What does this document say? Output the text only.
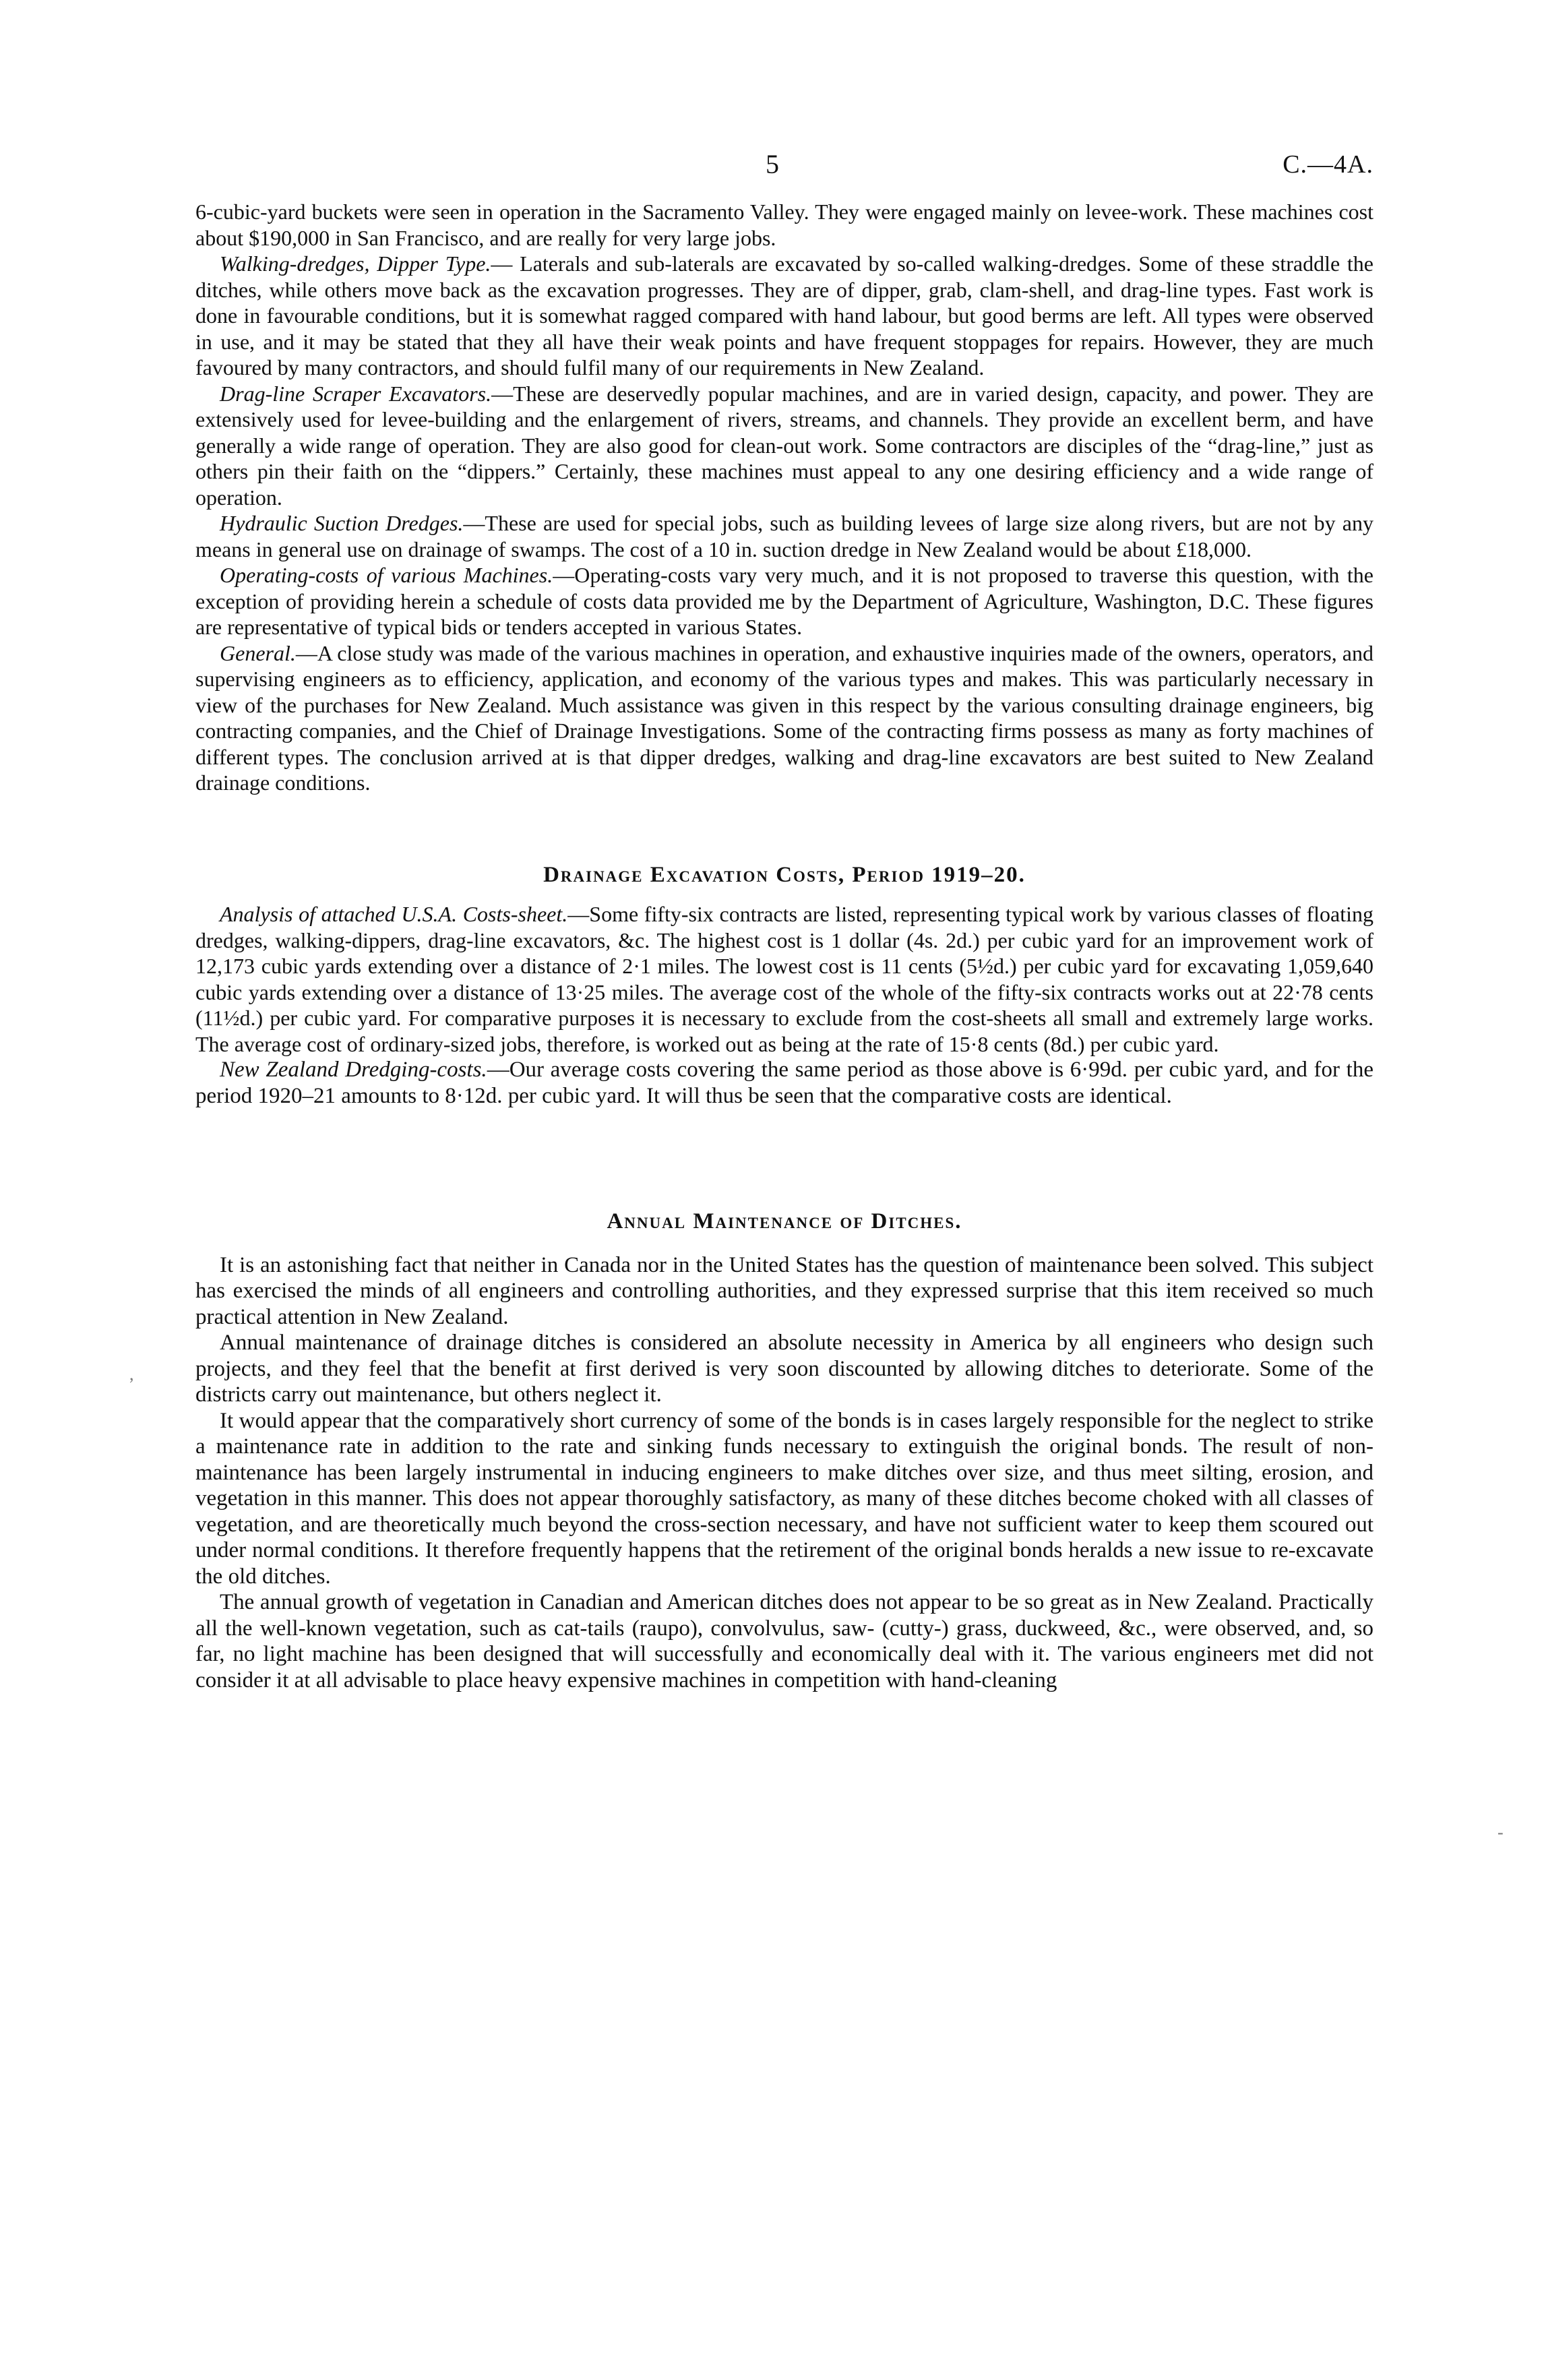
5	C.—4A.

6-cubic-yard buckets were seen in operation in the Sacramento Valley. They were engaged mainly on levee-work. These machines cost about $190,000 in San Francisco, and are really for very large jobs.

Walking-dredges, Dipper Type.— Laterals and sub-laterals are excavated by so-called walking-dredges. Some of these straddle the ditches, while others move back as the excavation progresses. They are of dipper, grab, clam-shell, and drag-line types. Fast work is done in favourable conditions, but it is somewhat ragged compared with hand labour, but good berms are left. All types were observed in use, and it may be stated that they all have their weak points and have frequent stoppages for repairs. However, they are much favoured by many contractors, and should fulfil many of our requirements in New Zealand.

Drag-line Scraper Excavators.—These are deservedly popular machines, and are in varied design, capacity, and power. They are extensively used for levee-building and the enlargement of rivers, streams, and channels. They provide an excellent berm, and have generally a wide range of operation. They are also good for clean-out work. Some contractors are disciples of the “drag-line,” just as others pin their faith on the “dippers.” Certainly, these machines must appeal to any one desiring efficiency and a wide range of operation.

Hydraulic Suction Dredges.—These are used for special jobs, such as building levees of large size along rivers, but are not by any means in general use on drainage of swamps. The cost of a 10 in. suction dredge in New Zealand would be about £18,000.

Operating-costs of various Machines.—Operating-costs vary very much, and it is not proposed to traverse this question, with the exception of providing herein a schedule of costs data provided me by the Department of Agriculture, Washington, D.C. These figures are representative of typical bids or tenders accepted in various States.

General.—A close study was made of the various machines in operation, and exhaustive inquiries made of the owners, operators, and supervising engineers as to efficiency, application, and economy of the various types and makes. This was particularly necessary in view of the purchases for New Zealand. Much assistance was given in this respect by the various consulting drainage engineers, big contracting companies, and the Chief of Drainage Investigations. Some of the contracting firms possess as many as forty machines of different types. The conclusion arrived at is that dipper dredges, walking and drag-line excavators are best suited to New Zealand drainage conditions.

Drainage Excavation Costs, Period 1919–20.

Analysis of attached U.S.A. Costs-sheet.—Some fifty-six contracts are listed, representing typical work by various classes of floating dredges, walking-dippers, drag-line excavators, &c. The highest cost is 1 dollar (4s. 2d.) per cubic yard for an improvement work of 12,173 cubic yards extending over a distance of 2·1 miles. The lowest cost is 11 cents (5½d.) per cubic yard for excavating 1,059,640 cubic yards extending over a distance of 13·25 miles. The average cost of the whole of the fifty-six contracts works out at 22·78 cents (11½d.) per cubic yard. For comparative purposes it is necessary to exclude from the cost-sheets all small and extremely large works. The average cost of ordinary-sized jobs, therefore, is worked out as being at the rate of 15·8 cents (8d.) per cubic yard.

New Zealand Dredging-costs.—Our average costs covering the same period as those above is 6·99d. per cubic yard, and for the period 1920–21 amounts to 8·12d. per cubic yard. It will thus be seen that the comparative costs are identical.

Annual Maintenance of Ditches.

It is an astonishing fact that neither in Canada nor in the United States has the question of maintenance been solved. This subject has exercised the minds of all engineers and controlling authorities, and they expressed surprise that this item received so much practical attention in New Zealand.

Annual maintenance of drainage ditches is considered an absolute necessity in America by all engineers who design such projects, and they feel that the benefit at first derived is very soon discounted by allowing ditches to deteriorate. Some of the districts carry out maintenance, but others neglect it.

It would appear that the comparatively short currency of some of the bonds is in cases largely responsible for the neglect to strike a maintenance rate in addition to the rate and sinking funds necessary to extinguish the original bonds. The result of non-maintenance has been largely instrumental in inducing engineers to make ditches over size, and thus meet silting, erosion, and vegetation in this manner. This does not appear thoroughly satisfactory, as many of these ditches become choked with all classes of vegetation, and are theoretically much beyond the cross-section necessary, and have not sufficient water to keep them scoured out under normal conditions. It therefore frequently happens that the retirement of the original bonds heralds a new issue to re-excavate the old ditches.

The annual growth of vegetation in Canadian and American ditches does not appear to be so great as in New Zealand. Practically all the well-known vegetation, such as cat-tails (raupo), convolvulus, saw- (cutty-) grass, duckweed, &c., were observed, and, so far, no light machine has been designed that will successfully and economically deal with it. The various engineers met did not consider it at all advisable to place heavy expensive machines in competition with hand-cleaning

,
-
